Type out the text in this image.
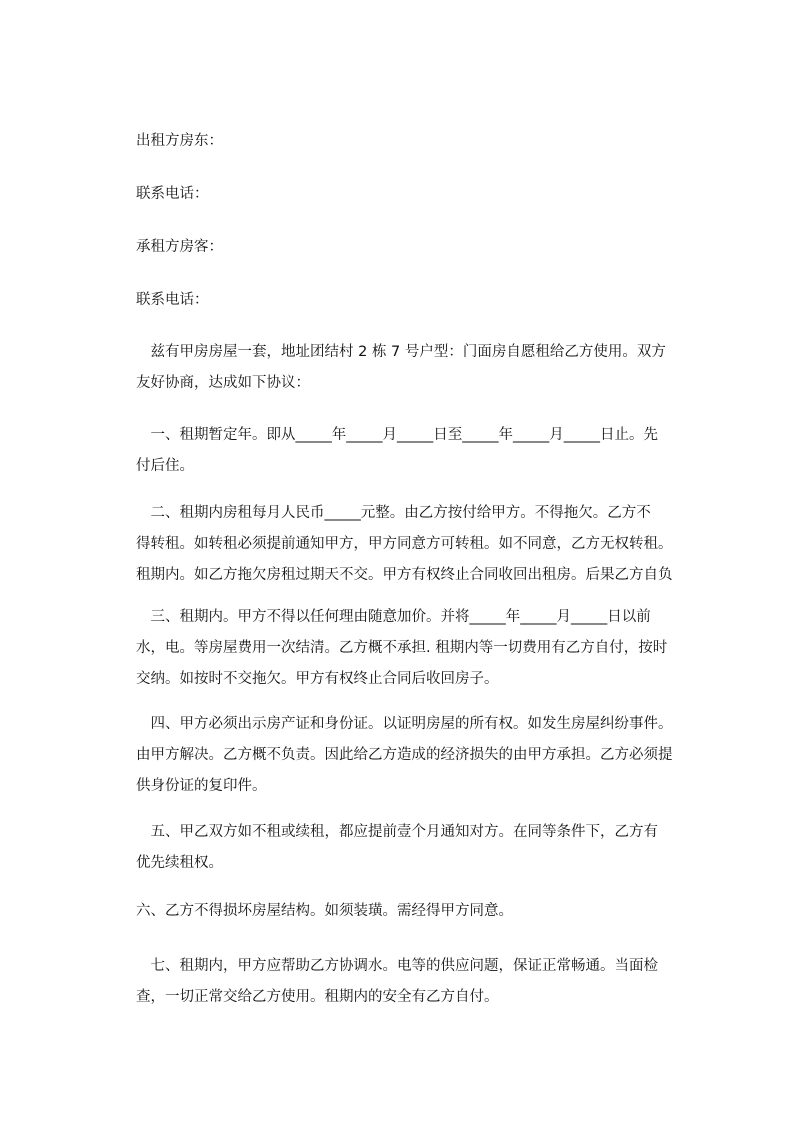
出租方房东：
联系电话：
承租方房客：
联系电话：
　兹有甲房房屋一套，地址团结村 2 栋 7 号户型：门面房自愿租给乙方使用。双方
友好协商，达成如下协议：
　一、租期暂定年。即从_____年_____月_____日至_____年_____月_____日止。先
付后住。
　二、租期内房租每月人民币_____元整。由乙方按付给甲方。不得拖欠。乙方不
得转租。如转租必须提前通知甲方，甲方同意方可转租。如不同意，乙方无权转租。
租期内。如乙方拖欠房租过期天不交。甲方有权终止合同收回出租房。后果乙方自负
　三、租期内。甲方不得以任何理由随意加价。并将_____年_____月_____日以前
水，电。等房屋费用一次结清。乙方概不承担. 租期内等一切费用有乙方自付，按时
交纳。如按时不交拖欠。甲方有权终止合同后收回房子。
　四、甲方必须出示房产证和身份证。以证明房屋的所有权。如发生房屋纠纷事件。
由甲方解决。乙方概不负责。因此给乙方造成的经济损失的由甲方承担。乙方必须提
供身份证的复印件。
　五、甲乙双方如不租或续租，都应提前壹个月通知对方。在同等条件下，乙方有
优先续租权。
六、乙方不得损坏房屋结构。如须装璜。需经得甲方同意。
　七、租期内，甲方应帮助乙方协调水。电等的供应问题，保证正常畅通。当面检
查，一切正常交给乙方使用。租期内的安全有乙方自付。
